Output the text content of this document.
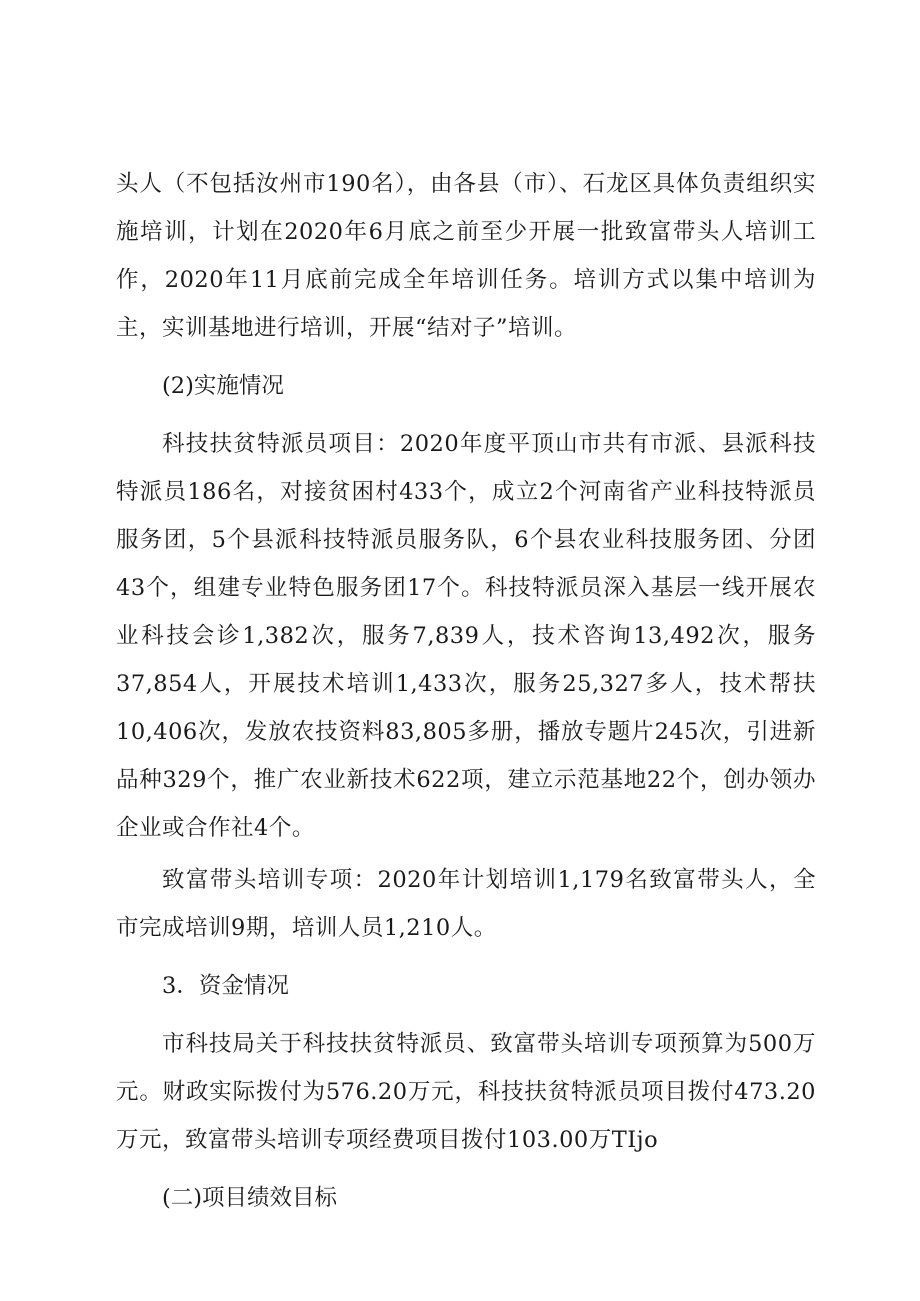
头人（不包括汝州市190名），由各县（市）、石龙区具体负责组织实施培训，计划在2020年6月底之前至少开展一批致富带头人培训工作，2020年11月底前完成全年培训任务。培训方式以集中培训为主，实训基地进行培训，开展“结对子”培训。

(2)实施情况

科技扶贫特派员项目：2020年度平顶山市共有市派、县派科技特派员186名，对接贫困村433个，成立2个河南省产业科技特派员服务团，5个县派科技特派员服务队，6个县农业科技服务团、分团43个，组建专业特色服务团17个。科技特派员深入基层一线开展农业科技会诊1,382次，服务7,839人，技术咨询13,492次，服务37,854人，开展技术培训1,433次，服务25,327多人，技术帮扶10,406次，发放农技资料83,805多册，播放专题片245次，引进新品种329个，推广农业新技术622项，建立示范基地22个，创办领办企业或合作社4个。

致富带头培训专项：2020年计划培训1,179名致富带头人，全市完成培训9期，培训人员1,210人。

3．资金情况

市科技局关于科技扶贫特派员、致富带头培训专项预算为500万元。财政实际拨付为576.20万元，科技扶贫特派员项目拨付473.20万元，致富带头培训专项经费项目拨付103.00万TIjo

(二)项目绩效目标
